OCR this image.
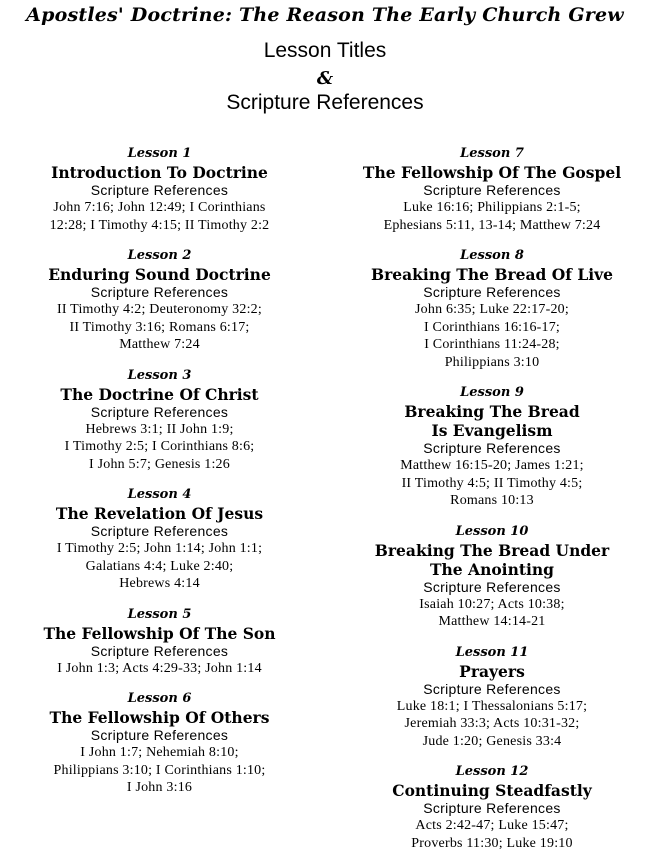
Apostles' Doctrine: The Reason The Early Church Grew
Lesson Titles
&
Scripture References
Lesson 1
Introduction To Doctrine
Scripture References
John 7:16; John 12:49; I Corinthians
12:28; I Timothy 4:15; II Timothy 2:2
Lesson 2
Enduring Sound Doctrine
Scripture References
II Timothy 4:2; Deuteronomy 32:2;
II Timothy 3:16; Romans 6:17;
Matthew 7:24
Lesson 3
The Doctrine Of Christ
Scripture References
Hebrews 3:1; II John 1:9;
I Timothy 2:5; I Corinthians 8:6;
I John 5:7; Genesis 1:26
Lesson 4
The Revelation Of Jesus
Scripture References
I Timothy 2:5; John 1:14; John 1:1;
Galatians 4:4; Luke 2:40;
Hebrews 4:14
Lesson 5
The Fellowship Of The Son
Scripture References
I John 1:3; Acts 4:29-33; John 1:14
Lesson 6
The Fellowship Of Others
Scripture References
I John 1:7; Nehemiah 8:10;
Philippians 3:10; I Corinthians 1:10;
I John 3:16
Lesson 7
The Fellowship Of The Gospel
Scripture References
Luke 16:16; Philippians 2:1-5;
Ephesians 5:11, 13-14; Matthew 7:24
Lesson 8
Breaking The Bread Of Live
Scripture References
John 6:35; Luke 22:17-20;
I Corinthians 16:16-17;
I Corinthians 11:24-28;
Philippians 3:10
Lesson 9
Breaking The Bread
Is Evangelism
Scripture References
Matthew 16:15-20; James 1:21;
II Timothy 4:5; II Timothy 4:5;
Romans 10:13
Lesson 10
Breaking The Bread Under
The Anointing
Scripture References
Isaiah 10:27; Acts 10:38;
Matthew 14:14-21
Lesson 11
Prayers
Scripture References
Luke 18:1; I Thessalonians 5:17;
Jeremiah 33:3; Acts 10:31-32;
Jude 1:20; Genesis 33:4
Lesson 12
Continuing Steadfastly
Scripture References
Acts 2:42-47; Luke 15:47;
Proverbs 11:30; Luke 19:10
